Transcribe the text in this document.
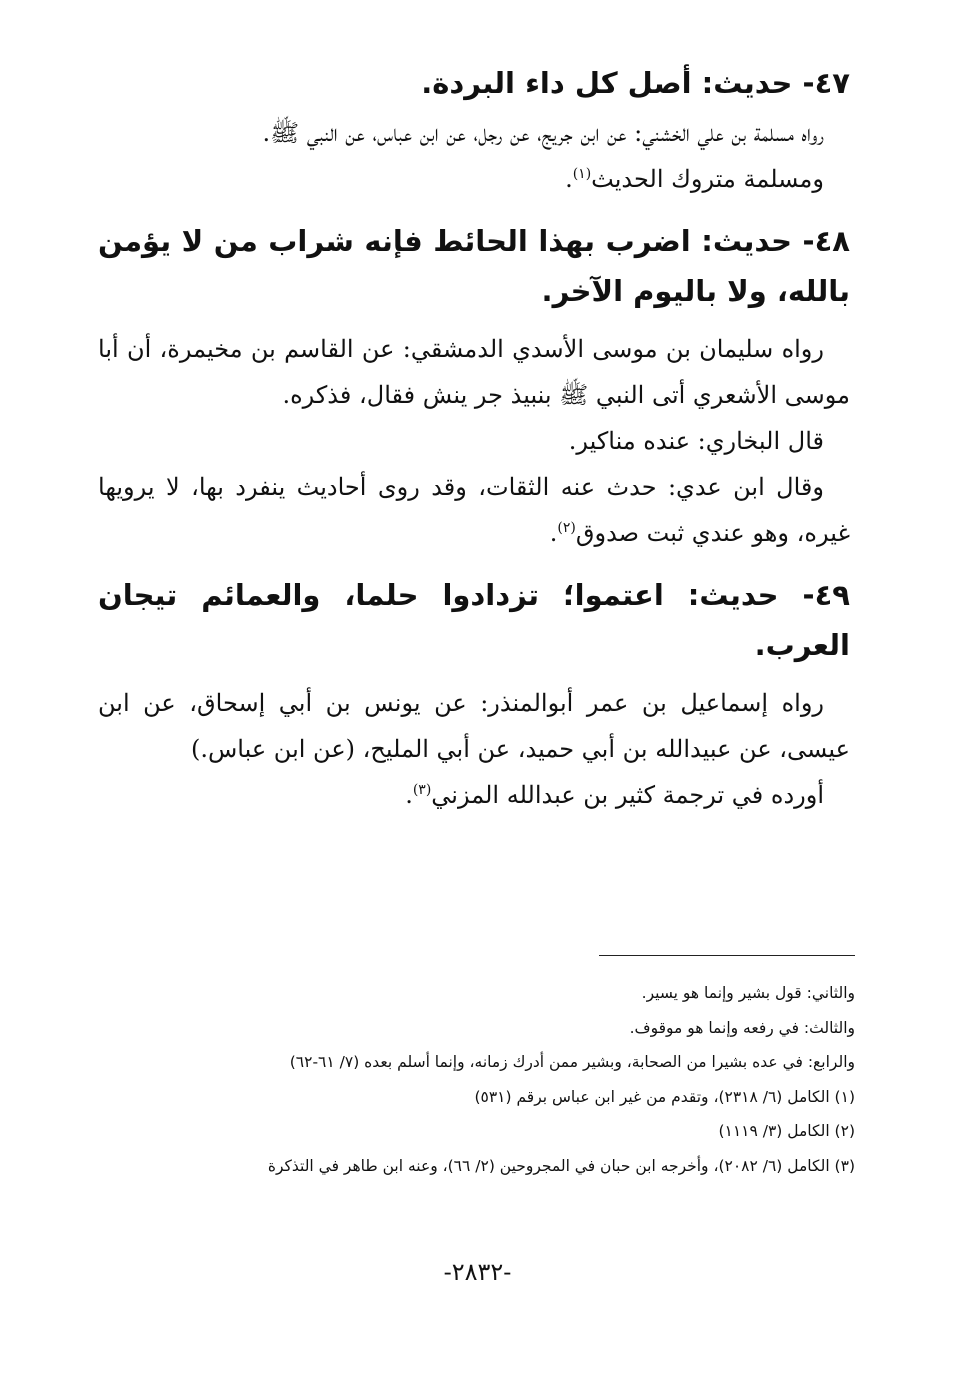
٤٧- حديث: أصل كل داء البردة.

رواه مسلمة بن علي الخشني: عن ابن جريج، عن رجل، عن ابن عباس، عن النبي ﷺ.

ومسلمة متروك الحديث$^{(١)}$.

٤٨- حديث: اضرب بهذا الحائط فإنه شراب من لا يؤمن بالله، ولا باليوم الآخر.

رواه سليمان بن موسى الأسدي الدمشقي: عن القاسم بن مخيمرة، أن أبا موسى الأشعري أتى النبي ﷺ بنبيذ جر ينش فقال، فذكره.

قال البخاري: عنده مناكير.

وقال ابن عدي: حدث عنه الثقات، وقد روى أحاديث ينفرد بها، لا يرويها غيره، وهو عندي ثبت صدوق$^{(٢)}$.

٤٩- حديث: اعتموا؛ تزدادوا حلما، والعمائم تيجان العرب.

رواه إسماعيل بن عمر أبوالمنذر: عن يونس بن أبي إسحاق، عن ابن عيسى، عن عبيدالله بن أبي حميد، عن أبي المليح، (عن ابن عباس.)

أورده في ترجمة كثير بن عبدالله المزني$^{(٣)}$.

والثاني: قول بشير وإنما هو يسير.
والثالث: في رفعه وإنما هو موقوف.
والرابع: في عده بشيرا من الصحابة، وبشير ممن أدرك زمانه، وإنما أسلم بعده (٧/ ٦١-٦٢)
(١) الكامل (٦/ ٢٣١٨)، وتقدم من غير ابن عباس برقم (٥٣١)
(٢) الكامل (٣/ ١١١٩)
(٣) الكامل (٦/ ٢٠٨٢)، وأخرجه ابن حبان في المجروحين (٢/ ٦٦)، وعنه ابن طاهر في التذكرة
-٢٨٣٢-
